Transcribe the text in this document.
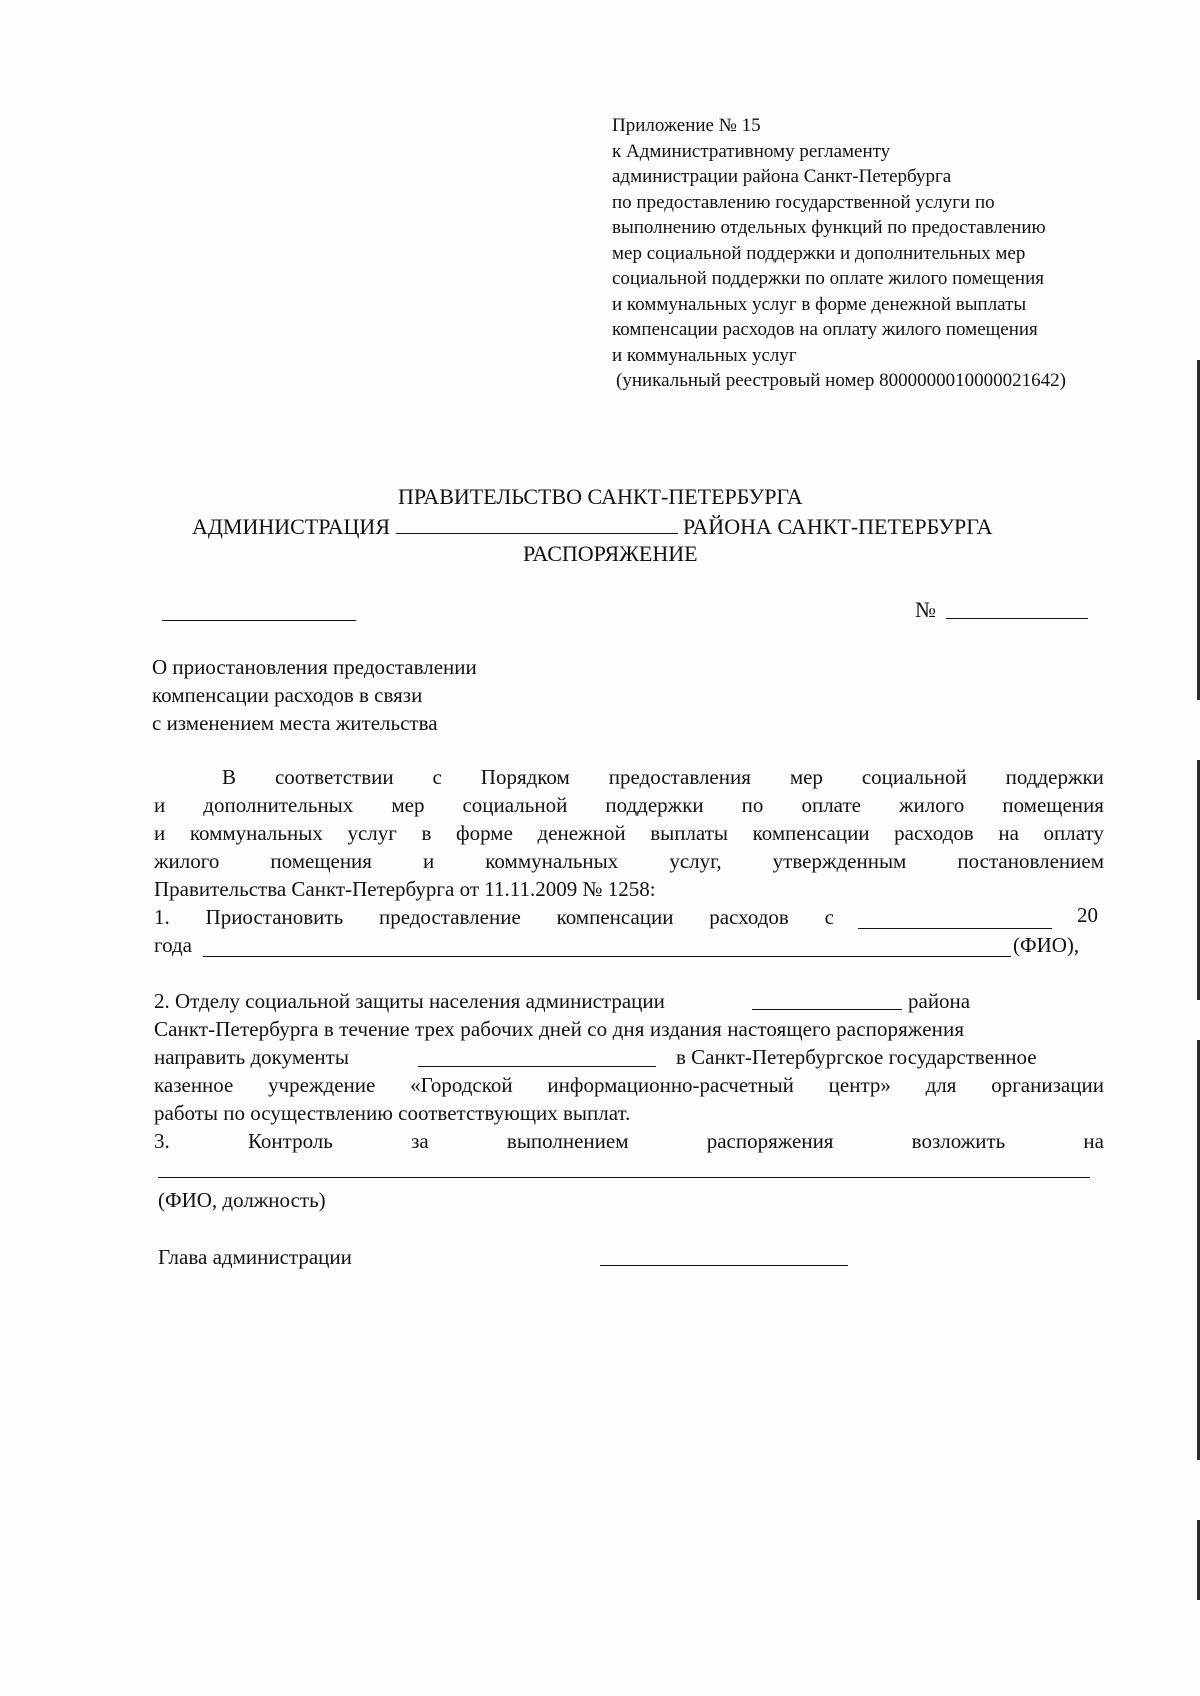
Приложение № 15
к Административному регламенту
администрации района Санкт-Петербурга
по предоставлению государственной услуги по
выполнению отдельных функций по предоставлению
мер социальной поддержки и дополнительных мер
социальной поддержки по оплате жилого помещения
и коммунальных услуг в форме денежной выплаты
компенсации расходов на оплату жилого помещения
и коммунальных услуг
(уникальный реестровый номер 8000000010000021642)
ПРАВИТЕЛЬСТВО САНКТ-ПЕТЕРБУРГА
АДМИНИСТРАЦИЯ	РАЙОНА САНКТ-ПЕТЕРБУРГА
РАСПОРЯЖЕНИЕ
№
О приостановления предоставлении
компенсации расходов в связи
с изменением места жительства
В соответствии с Порядком предоставления мер социальной поддержки
и дополнительных мер социальной поддержки по оплате жилого помещения
и коммунальных услуг в форме денежной выплаты компенсации расходов на оплату
жилого помещения и коммунальных услуг, утвержденным постановлением
Правительства Санкт-Петербурга от 11.11.2009 № 1258:
1. Приостановить предоставление компенсации расходов с	20
года	(ФИО),
2. Отделу социальной защиты населения администрации	района
Санкт-Петербурга в течение трех рабочих дней со дня издания настоящего распоряжения
направить документы	в Санкт-Петербургское государственное
казенное учреждение «Городской информационно-расчетный центр» для организации
работы по осуществлению соответствующих выплат.
3.	Контроль	за	выполнением	распоряжения	возложить	на
(ФИО, должность)
Глава администрации
